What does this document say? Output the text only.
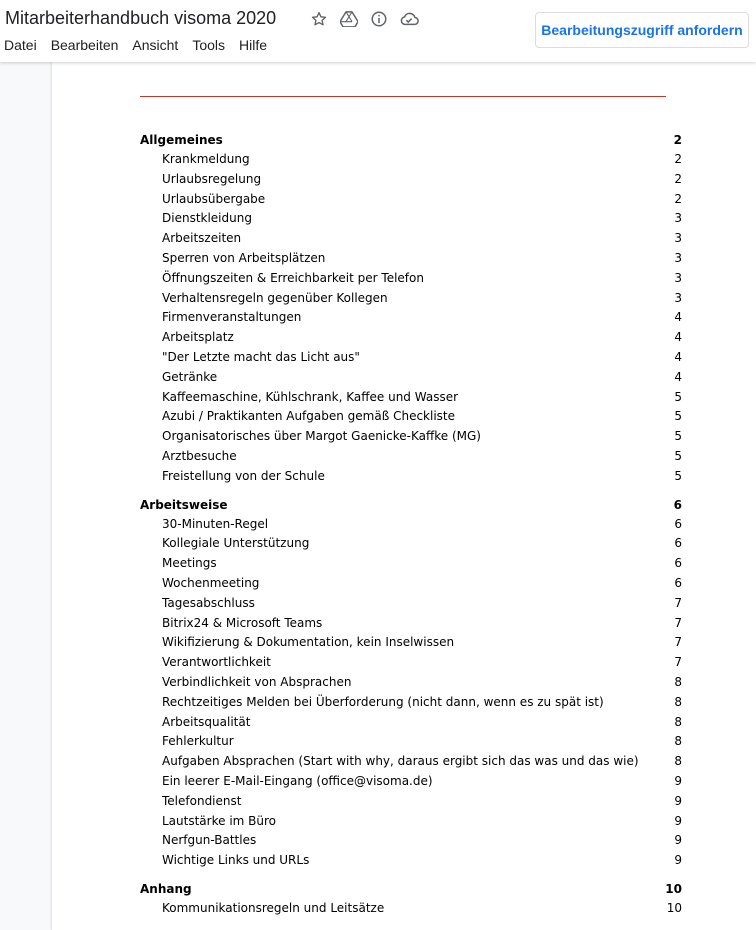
Mitarbeiterhandbuch visoma 2020
Datei Bearbeiten Ansicht Tools Hilfe
Bearbeitungszugriff anfordern
Allgemeines	2
Krankmeldung	2
Urlaubsregelung	2
Urlaubsübergabe	2
Dienstkleidung	3
Arbeitszeiten	3
Sperren von Arbeitsplätzen	3
Öffnungszeiten & Erreichbarkeit per Telefon	3
Verhaltensregeln gegenüber Kollegen	3
Firmenveranstaltungen	4
Arbeitsplatz	4
"Der Letzte macht das Licht aus"	4
Getränke	4
Kaffeemaschine, Kühlschrank, Kaffee und Wasser	5
Azubi / Praktikanten Aufgaben gemäß Checkliste	5
Organisatorisches über Margot Gaenicke-Kaffke (MG)	5
Arztbesuche	5
Freistellung von der Schule	5
Arbeitsweise	6
30-Minuten-Regel	6
Kollegiale Unterstützung	6
Meetings	6
Wochenmeeting	6
Tagesabschluss	7
Bitrix24 & Microsoft Teams	7
Wikifizierung & Dokumentation, kein Inselwissen	7
Verantwortlichkeit	7
Verbindlichkeit von Absprachen	8
Rechtzeitiges Melden bei Überforderung (nicht dann, wenn es zu spät ist)	8
Arbeitsqualität	8
Fehlerkultur	8
Aufgaben Absprachen (Start with why, daraus ergibt sich das was und das wie)	8
Ein leerer E-Mail-Eingang (office@visoma.de)	9
Telefondienst	9
Lautstärke im Büro	9
Nerfgun-Battles	9
Wichtige Links und URLs	9
Anhang	10
Kommunikationsregeln und Leitsätze	10
